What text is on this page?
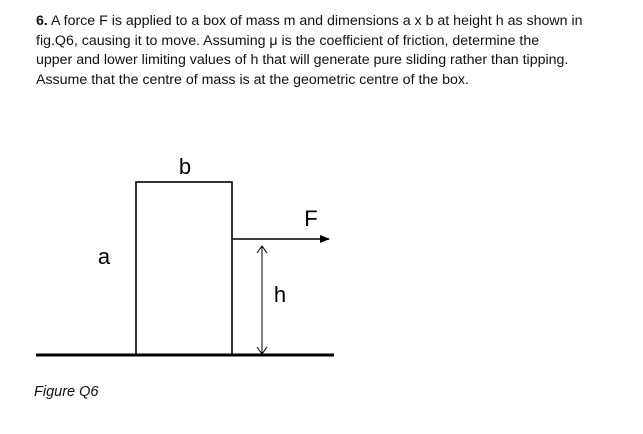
6. A force F is applied to a box of mass m and dimensions a x b at height h as shown in
fig.Q6, causing it to move. Assuming μ is the coefficient of friction, determine the
upper and lower limiting values of h that will generate pure sliding rather than tipping.
Assume that the centre of mass is at the geometric centre of the box.
b
a
F
h
Figure Q6
